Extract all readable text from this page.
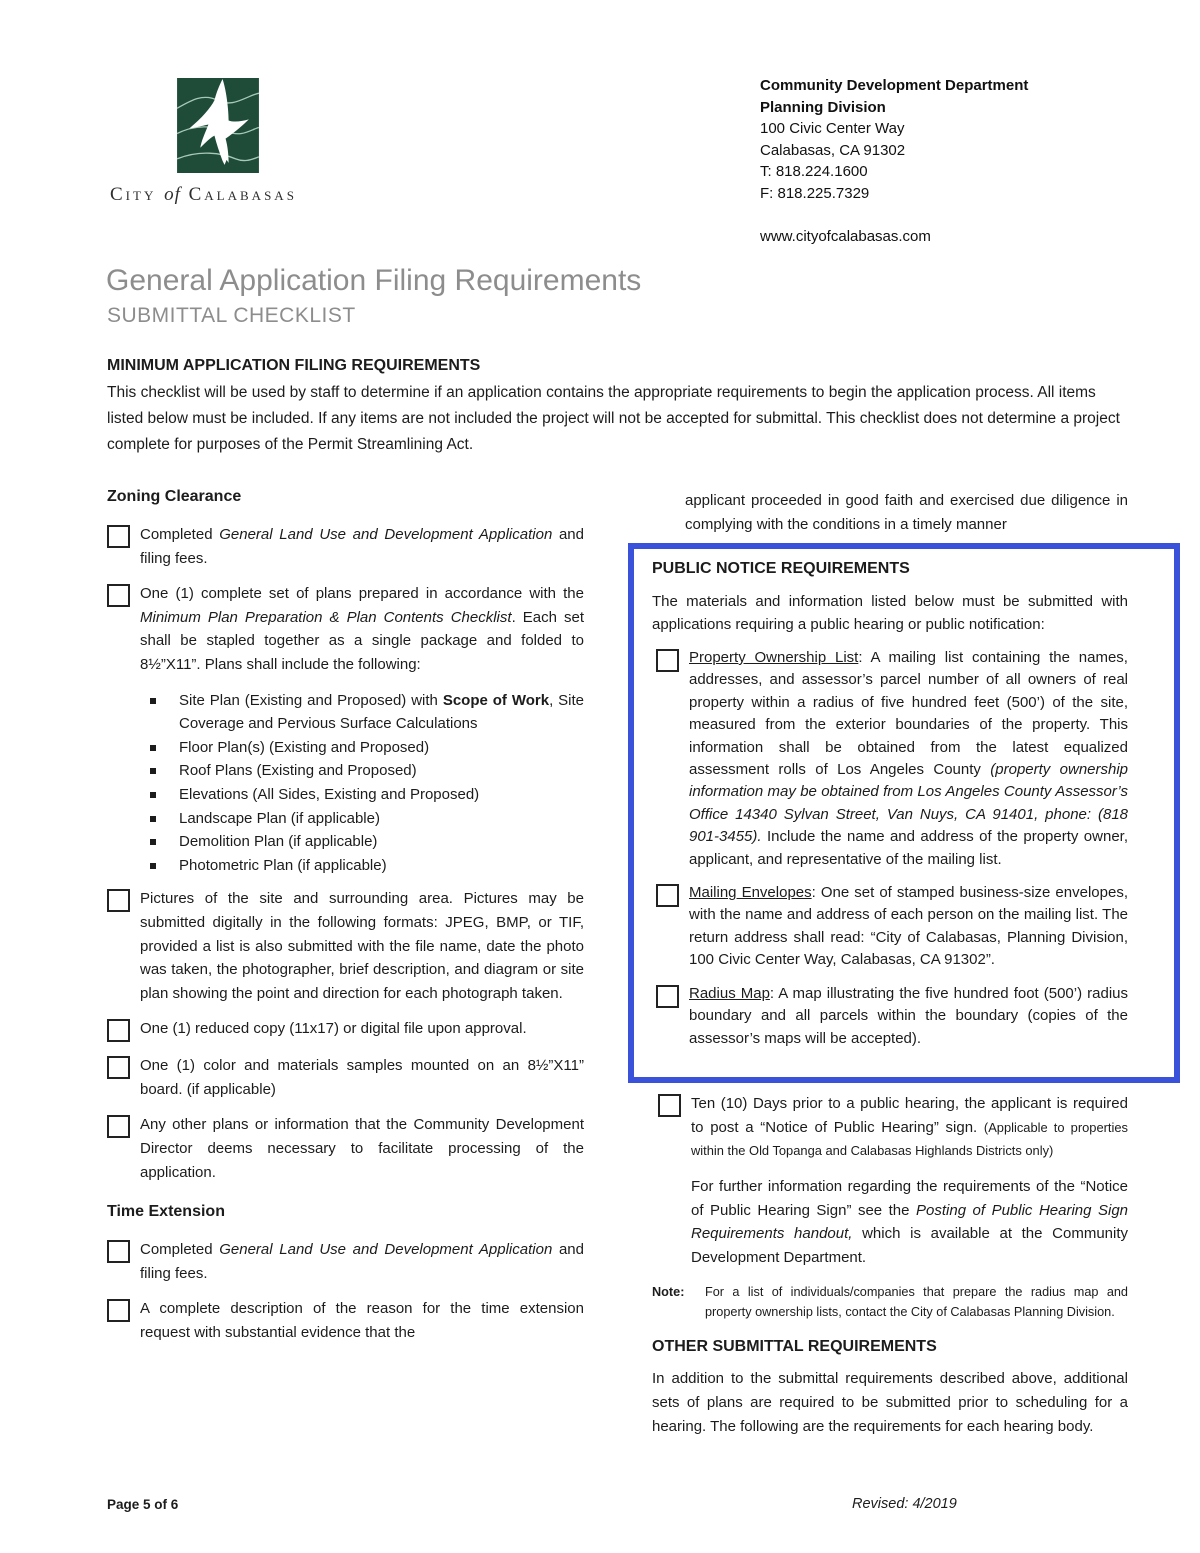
City of Calabasas
Community Development Department
Planning Division
100 Civic Center Way
Calabasas, CA 91302
T: 818.224.1600
F: 818.225.7329
www.cityofcalabasas.com
General Application Filing Requirements
SUBMITTAL CHECKLIST
MINIMUM APPLICATION FILING REQUIREMENTS

This checklist will be used by staff to determine if an application contains the appropriate requirements to begin the application process. All items listed below must be included. If any items are not included the project will not be accepted for submittal. This checklist does not determine a project complete for purposes of the Permit Streamlining Act.

Zoning Clearance
Completed General Land Use and Development Application and filing fees.
One (1) complete set of plans prepared in accordance with the Minimum Plan Preparation & Plan Contents Checklist. Each set shall be stapled together as a single package and folded to 8½”X11”. Plans shall include the following:
Site Plan (Existing and Proposed) with Scope of Work, Site Coverage and Pervious Surface Calculations
Floor Plan(s) (Existing and Proposed)
Roof Plans (Existing and Proposed)
Elevations (All Sides, Existing and Proposed)
Landscape Plan (if applicable)
Demolition Plan (if applicable)
Photometric Plan (if applicable)
Pictures of the site and surrounding area. Pictures may be submitted digitally in the following formats: JPEG, BMP, or TIF, provided a list is also submitted with the file name, date the photo was taken, the photographer, brief description, and diagram or site plan showing the point and direction for each photograph taken.
One (1) reduced copy (11x17) or digital file upon approval.
One (1) color and materials samples mounted on an 8½”X11” board. (if applicable)
Any other plans or information that the Community Development Director deems necessary to facilitate processing of the application.
Time Extension
Completed General Land Use and Development Application and filing fees.
A complete description of the reason for the time extension request with substantial evidence that the
applicant proceeded in good faith and exercised due diligence in complying with the conditions in a timely manner
PUBLIC NOTICE REQUIREMENTS

The materials and information listed below must be submitted with applications requiring a public hearing or public notification:

Property Ownership List: A mailing list containing the names, addresses, and assessor’s parcel number of all owners of real property within a radius of five hundred feet (500’) of the site, measured from the exterior boundaries of the property. This information shall be obtained from the latest equalized assessment rolls of Los Angeles County (property ownership information may be obtained from Los Angeles County Assessor’s Office 14340 Sylvan Street, Van Nuys, CA 91401, phone: (818 901-3455). Include the name and address of the property owner, applicant, and representative of the mailing list.
Mailing Envelopes: One set of stamped business-size envelopes, with the name and address of each person on the mailing list. The return address shall read: “City of Calabasas, Planning Division, 100 Civic Center Way, Calabasas, CA 91302”.
Radius Map: A map illustrating the five hundred foot (500’) radius boundary and all parcels within the boundary (copies of the assessor’s maps will be accepted).
Ten (10) Days prior to a public hearing, the applicant is required to post a “Notice of Public Hearing” sign. (Applicable to properties within the Old Topanga and Calabasas Highlands Districts only)
For further information regarding the requirements of the “Notice of Public Hearing Sign” see the Posting of Public Hearing Sign Requirements handout, which is available at the Community Development Department.
Note:	For a list of individuals/companies that prepare the radius map and property ownership lists, contact the City of Calabasas Planning Division.
OTHER SUBMITTAL REQUIREMENTS
In addition to the submittal requirements described above, additional sets of plans are required to be submitted prior to scheduling for a hearing. The following are the requirements for each hearing body.
Page 5 of 6	Revised: 4/2019
